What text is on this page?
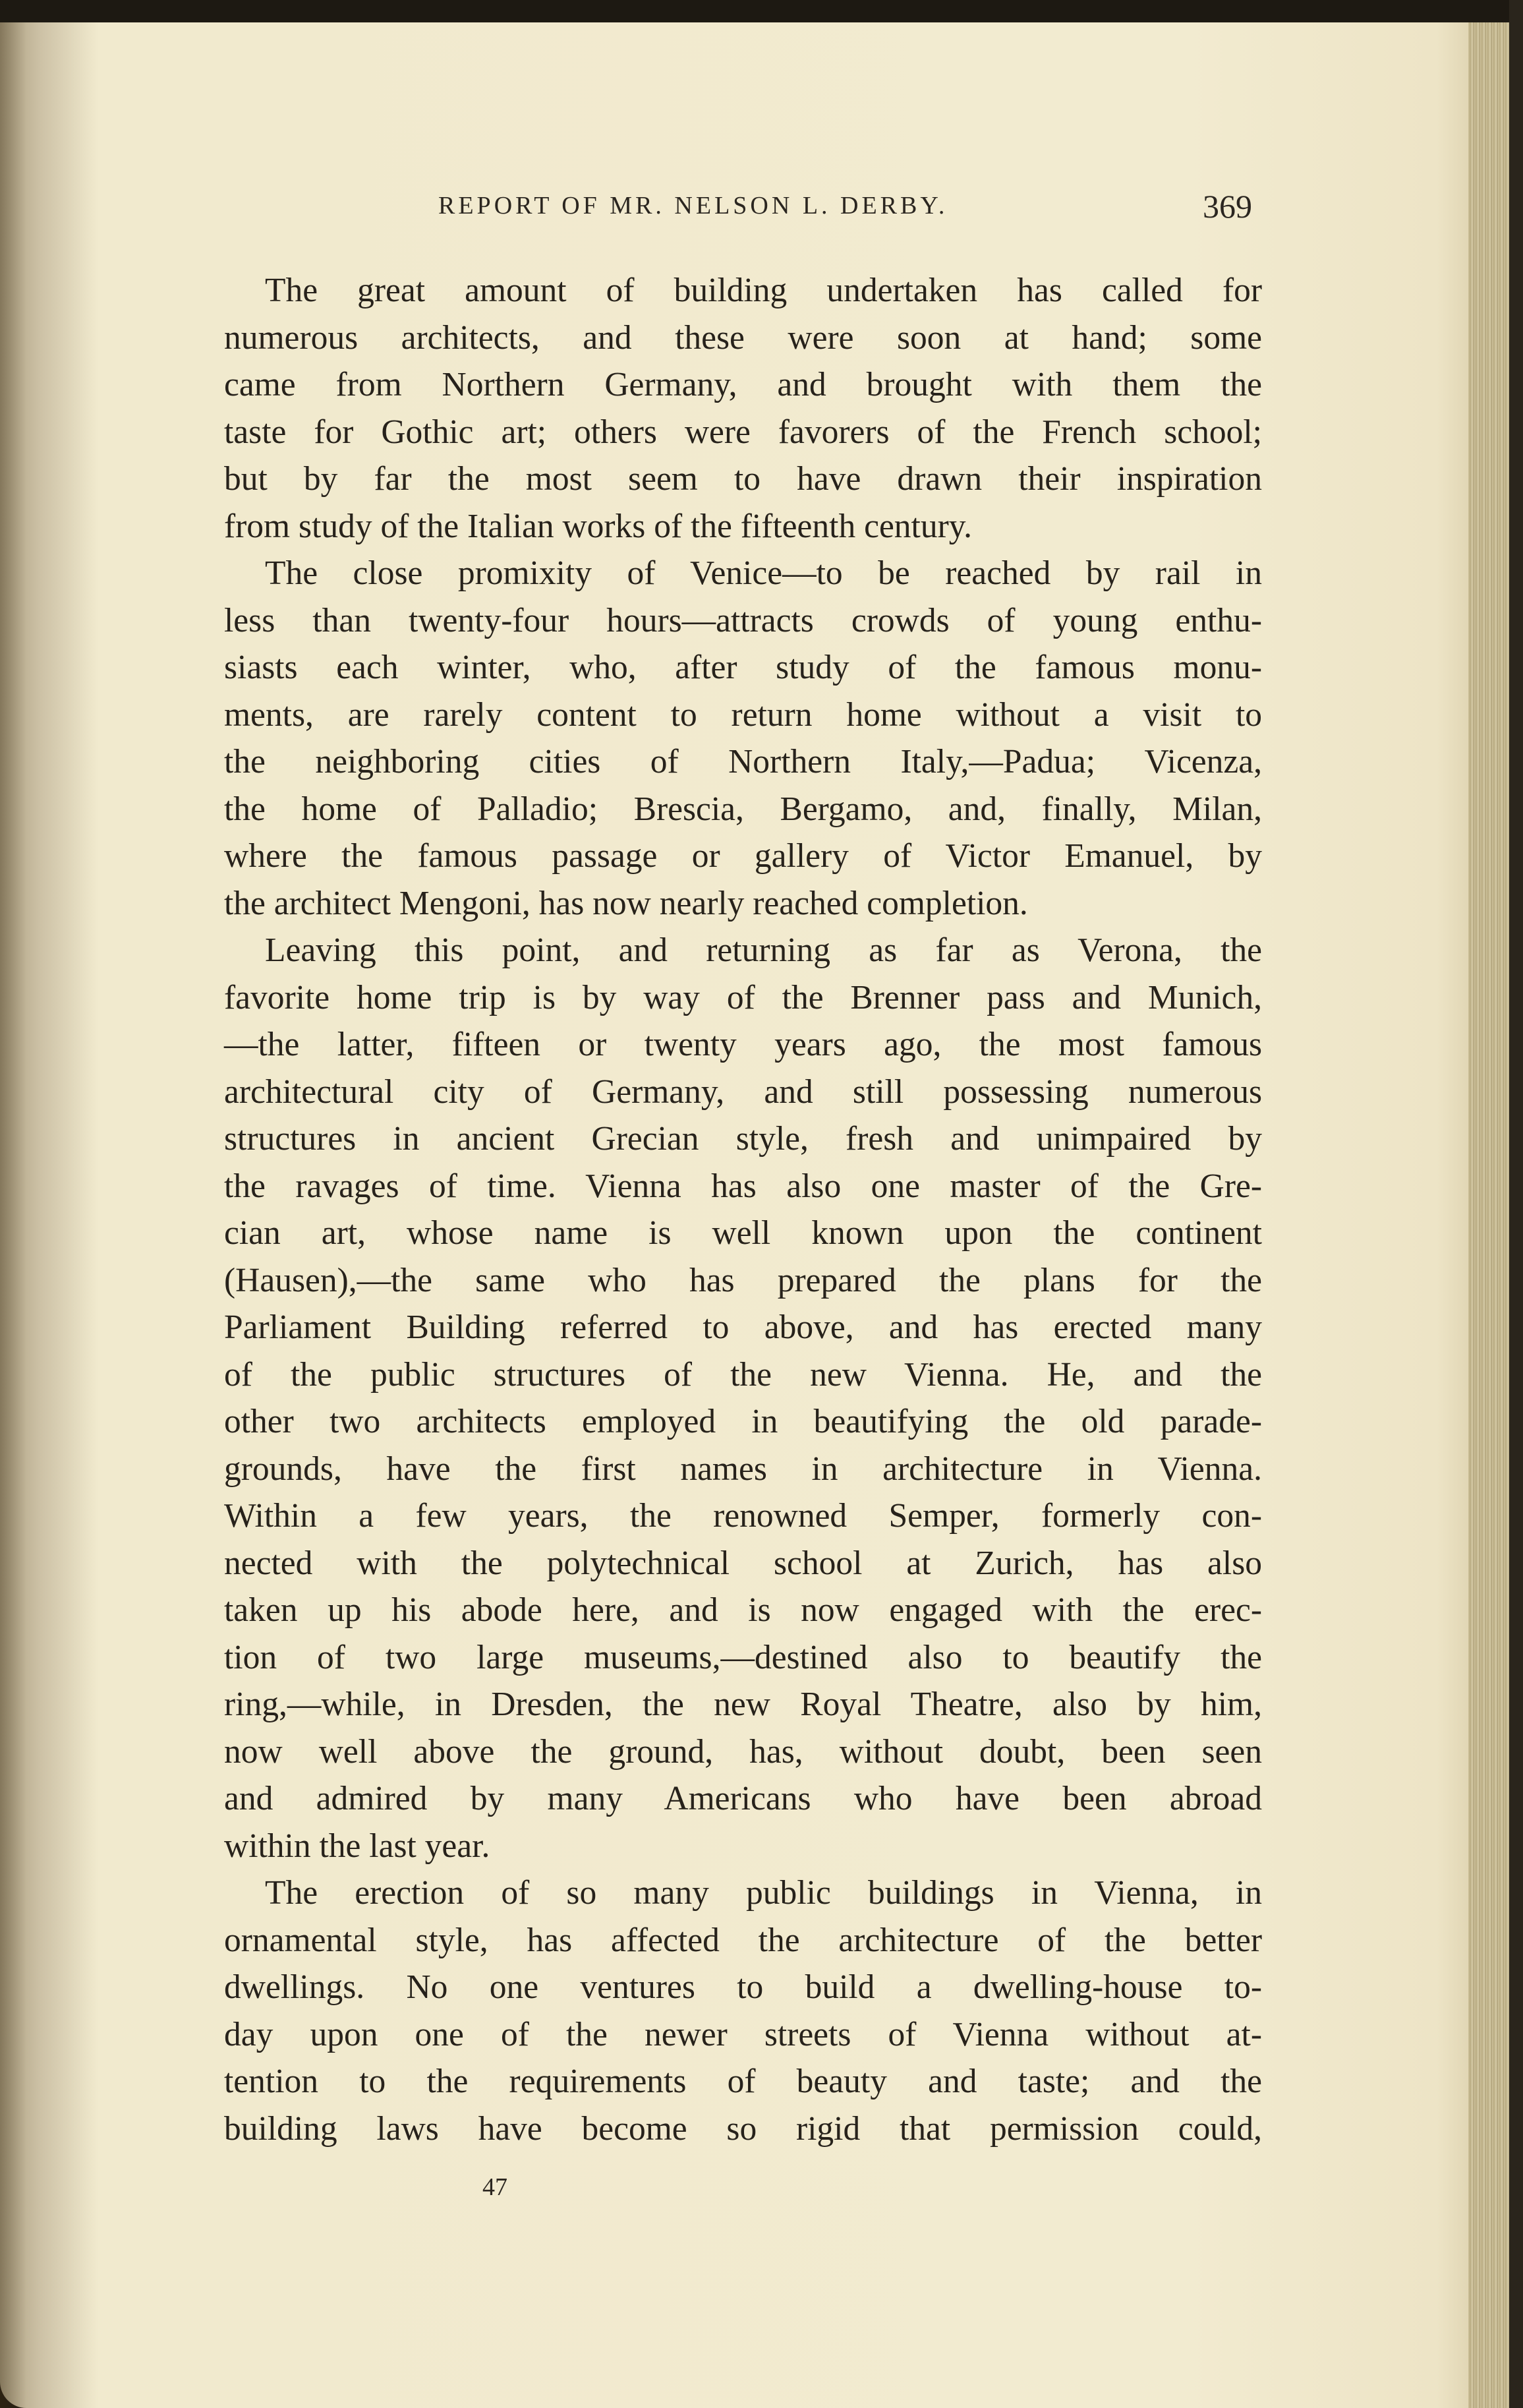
REPORT OF MR. NELSON L. DERBY.	369
The great amount of building undertaken has called for
numerous architects, and these were soon at hand; some
came from Northern Germany, and brought with them the
taste for Gothic art; others were favorers of the French school;
but by far the most seem to have drawn their inspiration
from study of the Italian works of the fifteenth century.
The close promixity of Venice—to be reached by rail in
less than twenty-four hours—attracts crowds of young enthu-
siasts each winter, who, after study of the famous monu-
ments, are rarely content to return home without a visit to
the neighboring cities of Northern Italy,—Padua; Vicenza,
the home of Palladio; Brescia, Bergamo, and, finally, Milan,
where the famous passage or gallery of Victor Emanuel, by
the architect Mengoni, has now nearly reached completion.
Leaving this point, and returning as far as Verona, the
favorite home trip is by way of the Brenner pass and Munich,
—the latter, fifteen or twenty years ago, the most famous
architectural city of Germany, and still possessing numerous
structures in ancient Grecian style, fresh and unimpaired by
the ravages of time. Vienna has also one master of the Gre-
cian art, whose name is well known upon the continent
(Hausen),—the same who has prepared the plans for the
Parliament Building referred to above, and has erected many
of the public structures of the new Vienna. He, and the
other two architects employed in beautifying the old parade-
grounds, have the first names in architecture in Vienna.
Within a few years, the renowned Semper, formerly con-
nected with the polytechnical school at Zurich, has also
taken up his abode here, and is now engaged with the erec-
tion of two large museums,—destined also to beautify the
ring,—while, in Dresden, the new Royal Theatre, also by him,
now well above the ground, has, without doubt, been seen
and admired by many Americans who have been abroad
within the last year.
The erection of so many public buildings in Vienna, in
ornamental style, has affected the architecture of the better
dwellings. No one ventures to build a dwelling-house to-
day upon one of the newer streets of Vienna without at-
tention to the requirements of beauty and taste; and the
building laws have become so rigid that permission could,
47
